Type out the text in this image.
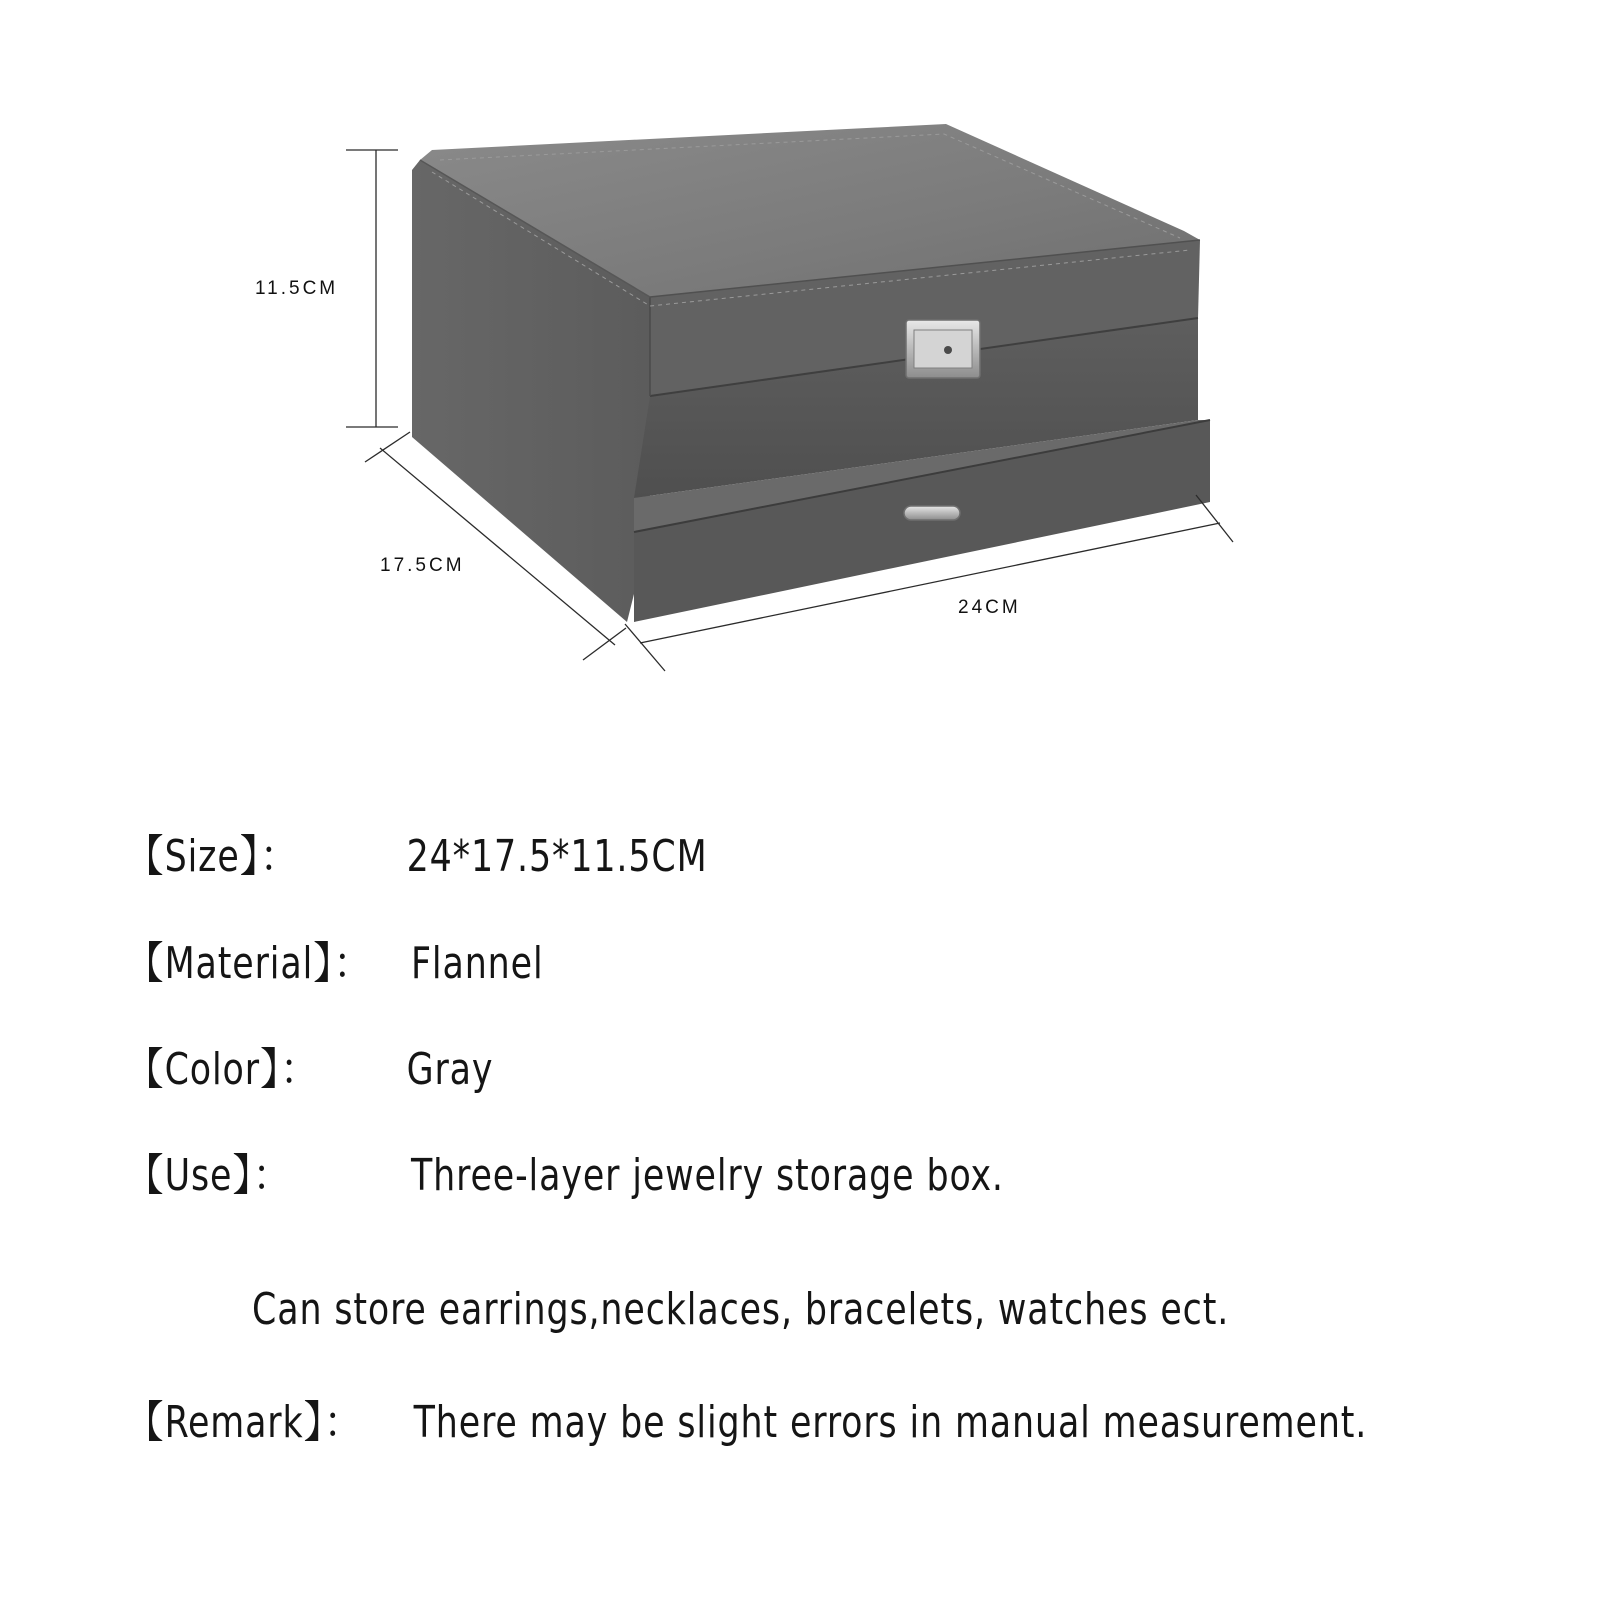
11.5CM
17.5CM
24CM
【Size】： 24*17.5*11.5CM
【Material】： Flannel
【Color】： Gray
【Use】：	Three-layer jewelry storage box.
Can store earrings,necklaces, bracelets, watches ect.
【Remark】： There may be slight errors in manual measurement.
